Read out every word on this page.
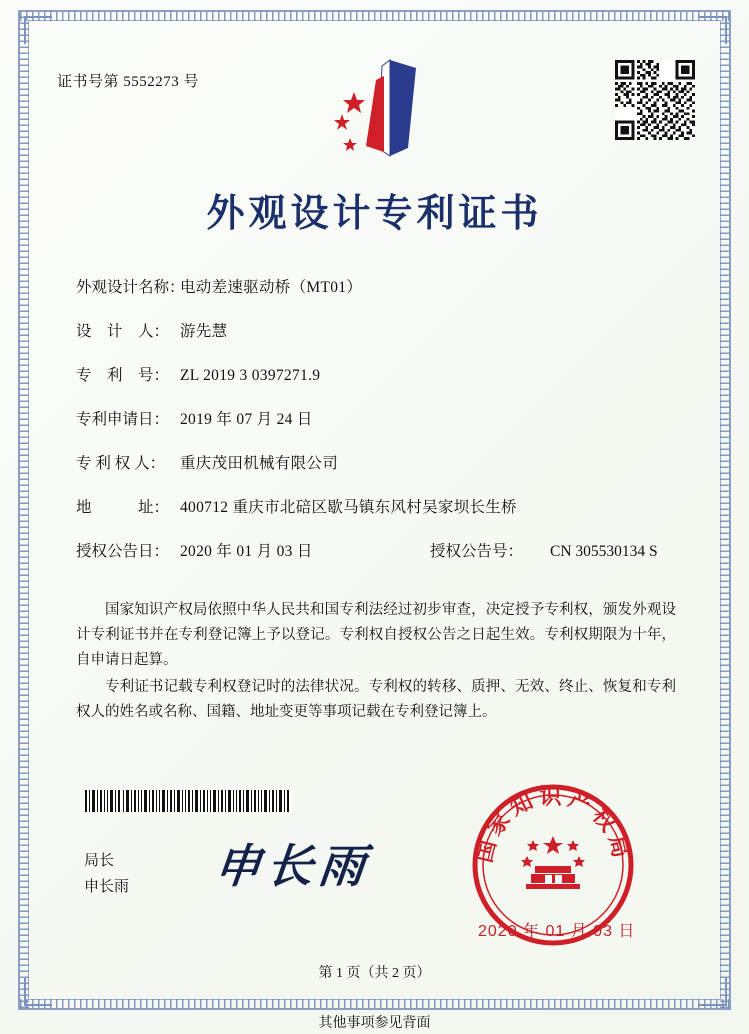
证书号第 5552273 号
外观设计专利证书
外观设计名称：
电动差速驱动桥（MT01）
设　计　人： 游先慧
专　利　号： ZL 2019 3 0397271.9
专利申请日： 2019 年 07 月 24 日
专 利 权 人： 重庆茂田机械有限公司
地　　　址： 400712 重庆市北碚区歇马镇东风村吴家坝长生桥
授权公告日： 2020 年 01 月 03 日	授权公告号：	CN 305530134 S

国家知识产权局依照中华人民共和国专利法经过初步审查，决定授予专利权，颁发外观设计专利证书并在专利登记簿上予以登记。专利权自授权公告之日起生效。专利权期限为十年，自申请日起算。

专利证书记载专利权登记时的法律状况。专利权的转移、质押、无效、终止、恢复和专利权人的姓名或名称、国籍、地址变更等事项记载在专利登记簿上。

局长
申长雨 申长雨	国家知识产权局
2020 年 01 月 03 日
第 1 页（共 2 页）
其他事项参见背面
